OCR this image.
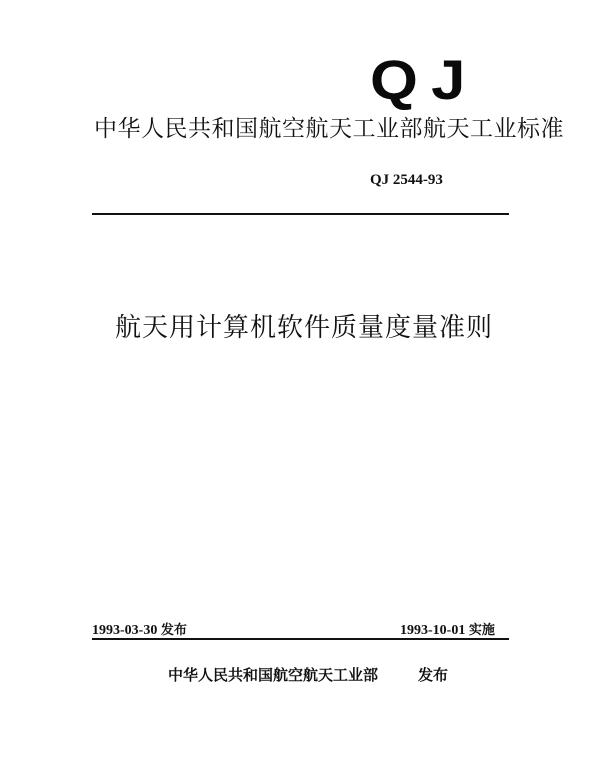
QJ
中华人民共和国航空航天工业部航天工业标准
QJ 2544-93
航天用计算机软件质量度量准则
1993-03-30 发布	1993-10-01 实施
中华人民共和国航空航天工业部	发布
